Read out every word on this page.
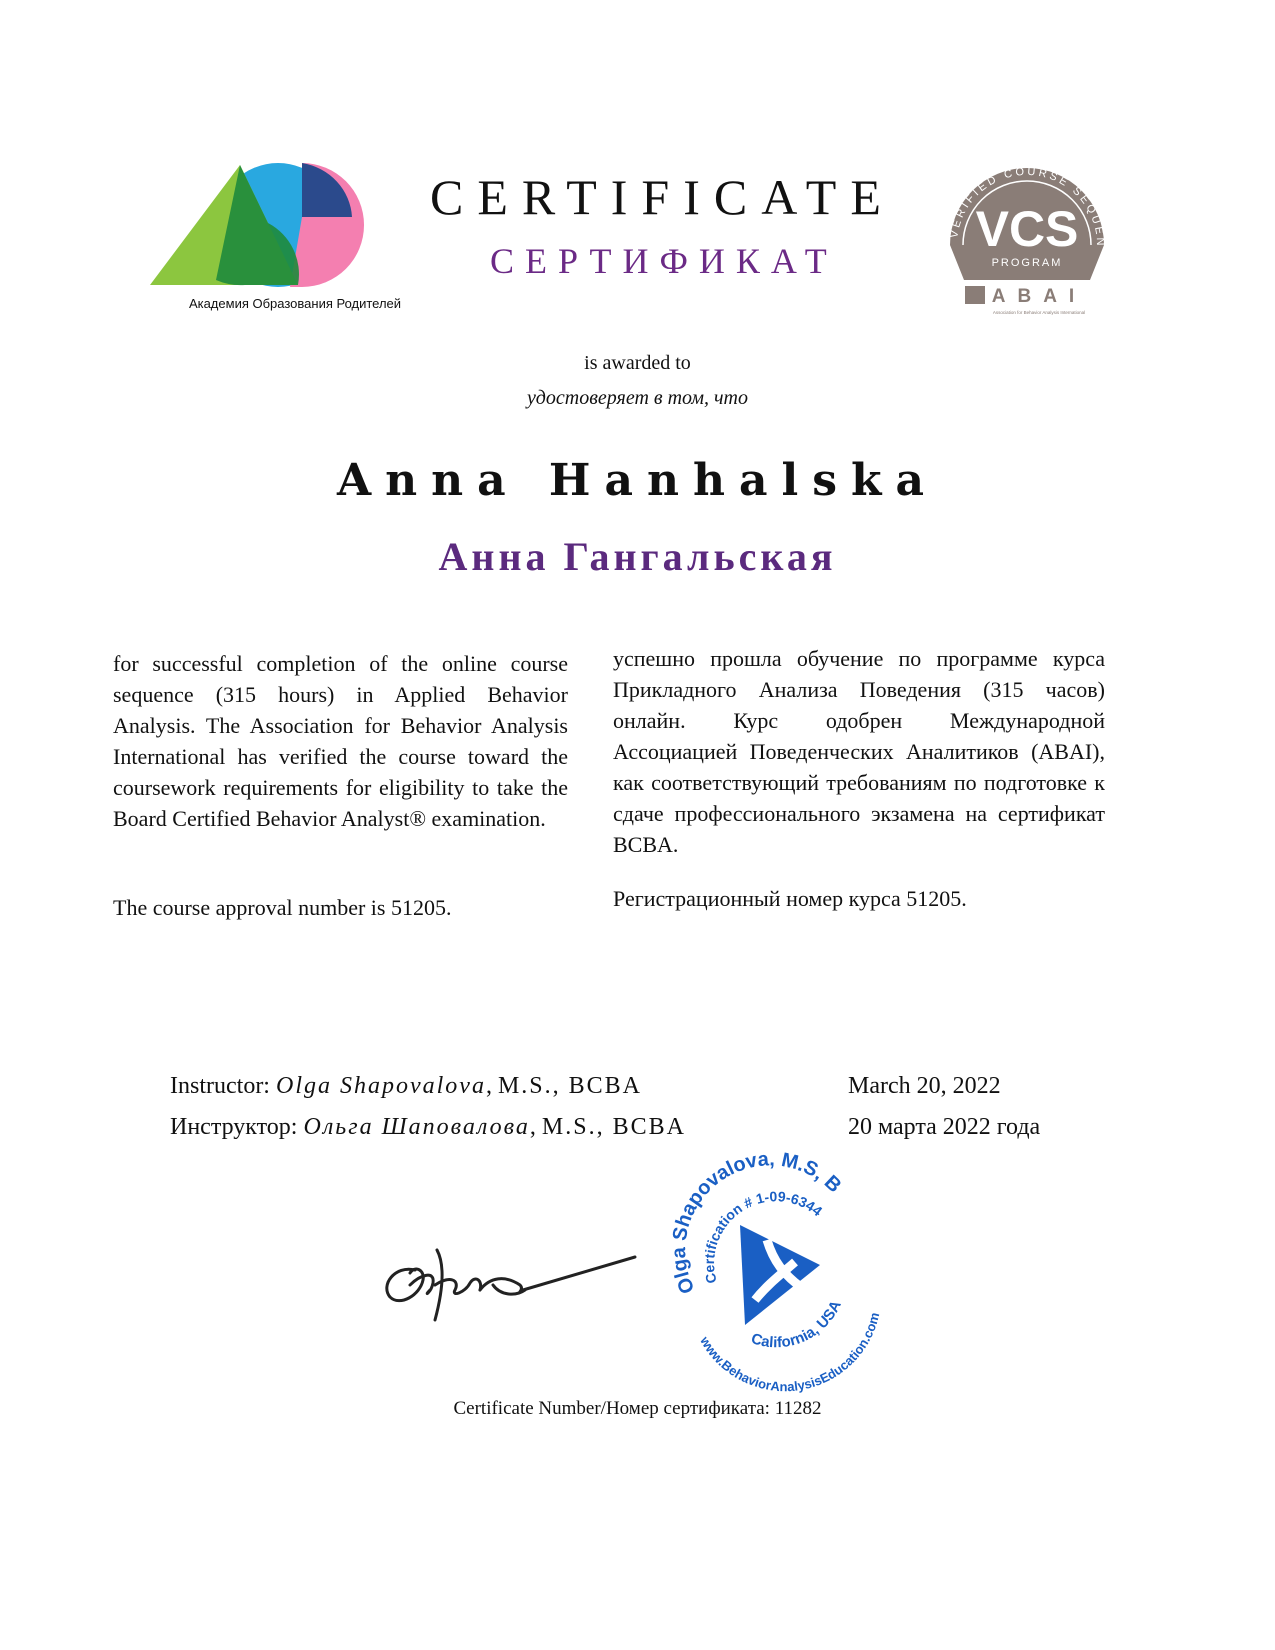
Академия Образования Родителей
CERTIFICATE
СЕРТИФИКАТ
VERIFIED COURSE SEQUEN
VCS
PROGRAM
ABAI
Association for Behavior Analysis International
is awarded to
удостоверяет в том, что
Anna Hanhalska
Анна Гангальская
for successful completion of the online course sequence (315 hours) in Applied Behavior Analysis. The Association for Behavior Analysis International has verified the course toward the coursework requirements for eligibility to take the Board Certified Behavior Analyst® examination.
успешно прошла обучение по программе курса Прикладного Анализа Поведения (315 часов) онлайн. Курс одобрен Международной Ассоциацией Поведенческих Аналитиков (ABAI), как соответствующий требованиям по подготовке к сдаче профессионального экзамена на сертификат BCBA.
The course approval number is 51205.	Регистрационный номер курса 51205.
Instructor: Olga Shapovalova, M.S., BCBA
Инструктор: Ольга Шаповалова, M.S., BCBA
March 20, 2022
20 марта 2022 года
Olga Shapovalova, M.S, B
Certification # 1-09-6344
California, USA
www.BehaviorAnalysisEducation.com
Certificate Number/Номер сертификата: 11282
